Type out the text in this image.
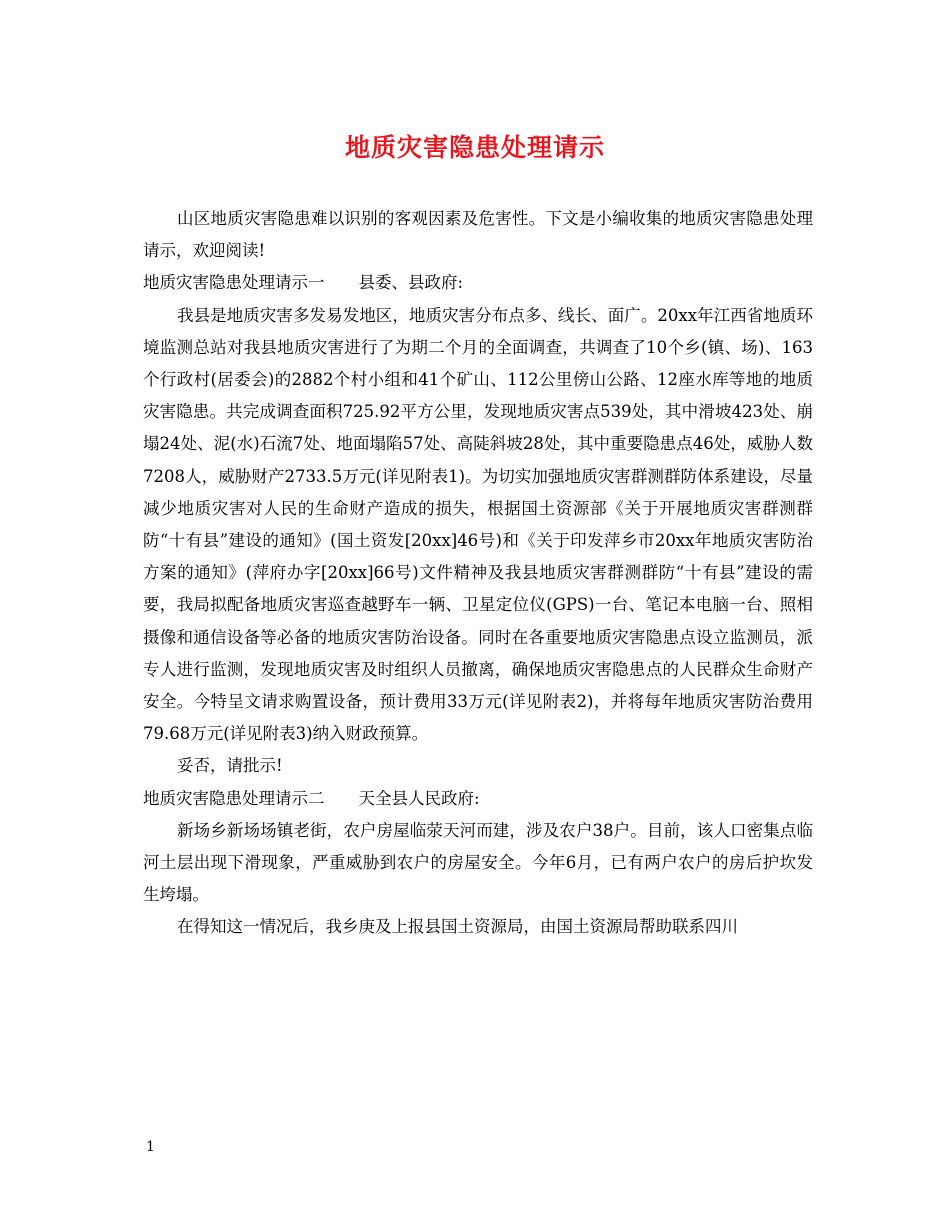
地质灾害隐患处理请示

山区地质灾害隐患难以识别的客观因素及危害性。下文是小编收集的地质灾害隐患处理请示，欢迎阅读!

地质灾害隐患处理请示一 县委、县政府:

我县是地质灾害多发易发地区，地质灾害分布点多、线长、面广。20xx年江西省地质环境监测总站对我县地质灾害进行了为期二个月的全面调查，共调查了10个乡(镇、场)、163个行政村(居委会)的2882个村小组和41个矿山、112公里傍山公路、12座水库等地的地质灾害隐患。共完成调查面积725.92平方公里，发现地质灾害点539处，其中滑坡423处、崩塌24处、泥(水)石流7处、地面塌陷57处、高陡斜坡28处，其中重要隐患点46处，威胁人数7208人，威胁财产2733.5万元(详见附表1)。为切实加强地质灾害群测群防体系建设，尽量减少地质灾害对人民的生命财产造成的损失，根据国土资源部《关于开展地质灾害群测群防“十有县”建设的通知》(国土资发[20xx]46号)和《关于印发萍乡市20xx年地质灾害防治方案的通知》(萍府办字[20xx]66号)文件精神及我县地质灾害群测群防“十有县”建设的需要，我局拟配备地质灾害巡查越野车一辆、卫星定位仪(GPS)一台、笔记本电脑一台、照相摄像和通信设备等必备的地质灾害防治设备。同时在各重要地质灾害隐患点设立监测员，派专人进行监测，发现地质灾害及时组织人员撤离，确保地质灾害隐患点的人民群众生命财产安全。今特呈文请求购置设备，预计费用33万元(详见附表2)，并将每年地质灾害防治费用79.68万元(详见附表3)纳入财政预算。

妥否，请批示!

地质灾害隐患处理请示二 天全县人民政府:

新场乡新场场镇老街，农户房屋临荥天河而建，涉及农户38户。目前，该人口密集点临河土层出现下滑现象，严重威胁到农户的房屋安全。今年6月，已有两户农户的房后护坎发生垮塌。

在得知这一情况后，我乡庚及上报县国土资源局，由国土资源局帮助联系四川

1
